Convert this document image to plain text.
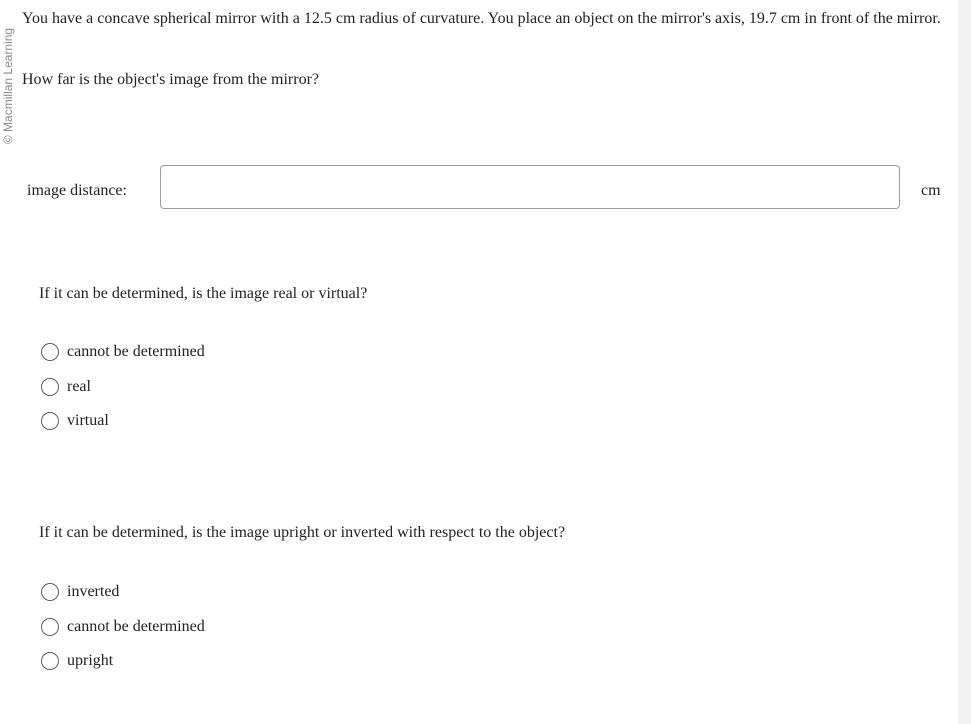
© Macmillan Learning

You have a concave spherical mirror with a 12.5 cm radius of curvature. You place an object on the mirror's axis, 19.7 cm in front of the mirror.

How far is the object's image from the mirror?

image distance:	cm
If it can be determined, is the image real or virtual?
cannot be determined
real
virtual
If it can be determined, is the image upright or inverted with respect to the object?
inverted
cannot be determined
upright
